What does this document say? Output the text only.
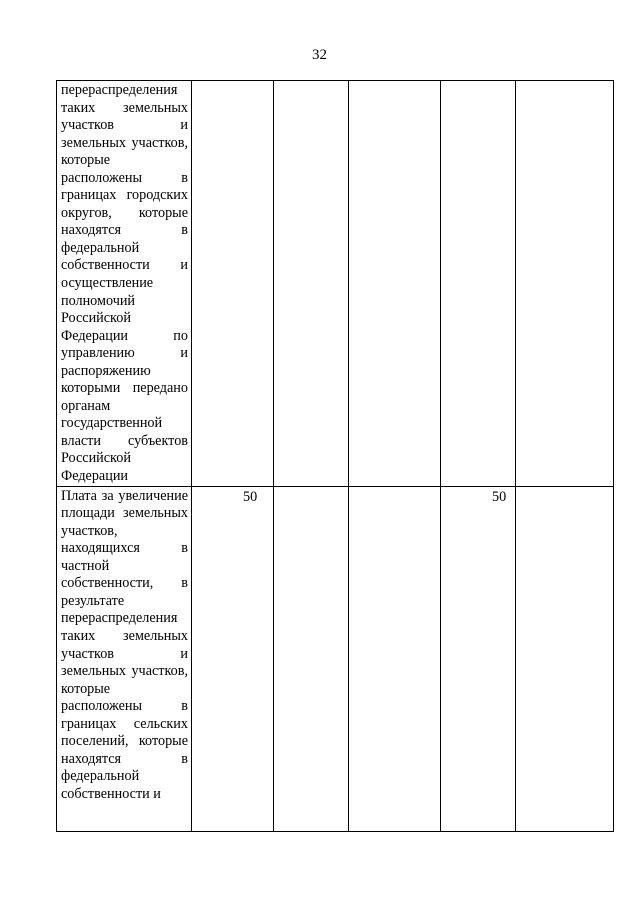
32
перераспределения таких земельных участков и земельных участков, которые расположены в границах городских округов, которые находятся в федеральной собственности и осуществление полномочий Российской Федерации по управлению и распоряжению которыми передано органам государственной власти субъектов Российской Федерации	

Плата за увеличение площади земельных участков, находящихся в частной собственности, в результате перераспределения таких земельных участков и земельных участков, которые расположены в границах сельских поселений, которые находятся в федеральной собственности и	50			50	
